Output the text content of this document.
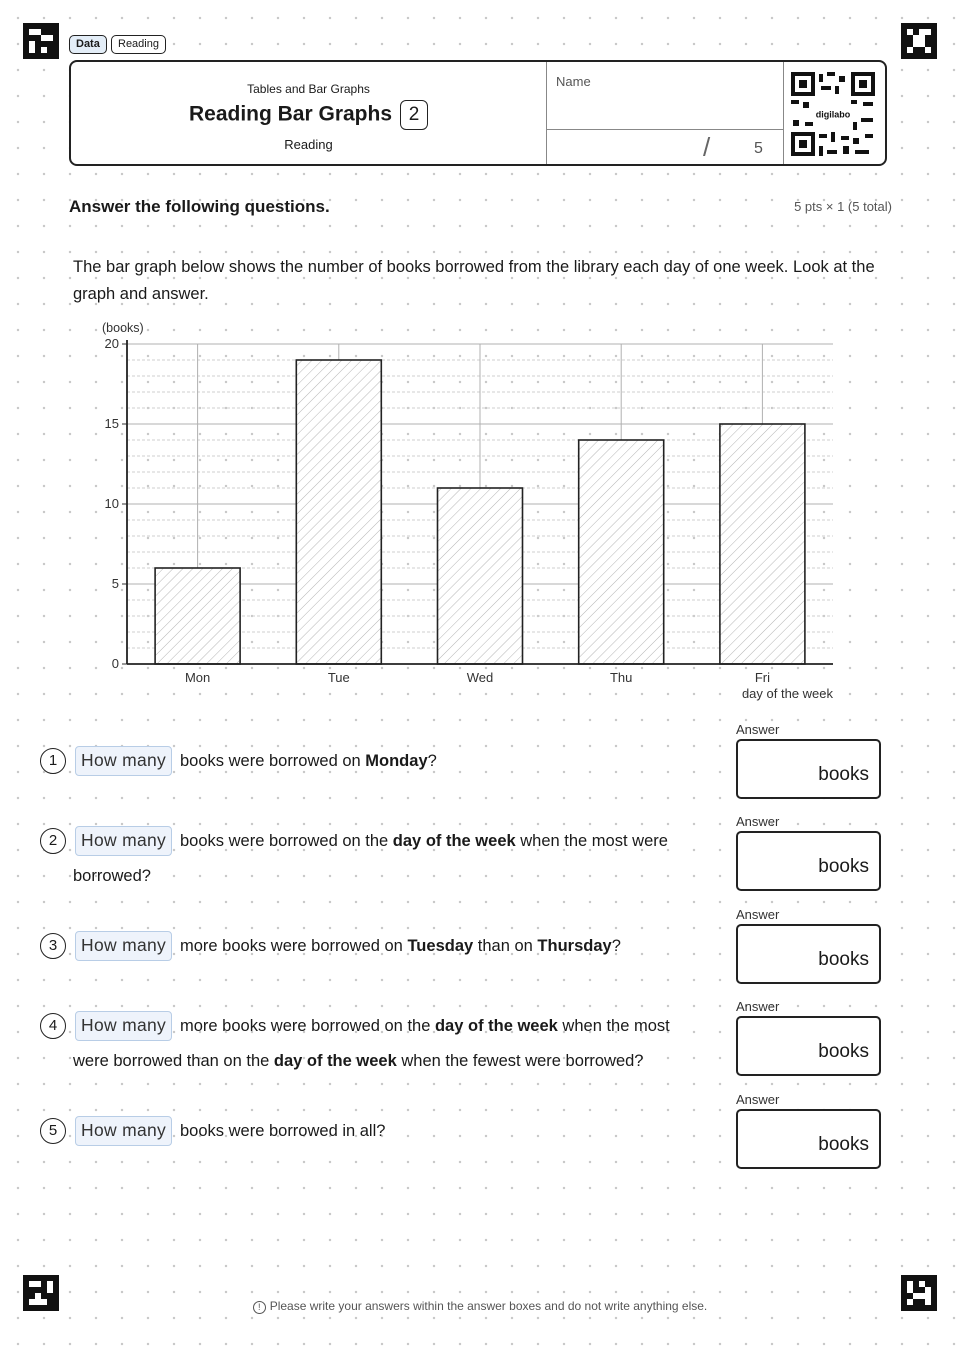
Data	Reading
Tables and Bar Graphs
Reading Bar Graphs 2
Reading
Name
/	5
digilabo
Answer the following questions.	5 pts × 1 (5 total)
The bar graph below shows the number of books borrowed from the library each day of one week. Look at the graph and answer.
0
5
10
15
20
Mon	Tue	Wed	Thu	Fri
(books)
day of the week
1	How many books were borrowed on Monday?
2	How many books were borrowed on the day of the week when the most were
borrowed?
3	How many more books were borrowed on Tuesday than on Thursday?
4	How many more books were borrowed on the day of the week when the most
were borrowed than on the day of the week when the fewest were borrowed?
5	How many books were borrowed in all?
Answer
books
Answer
books
Answer
books
Answer
books
Answer
books
! Please write your answers within the answer boxes and do not write anything else.
